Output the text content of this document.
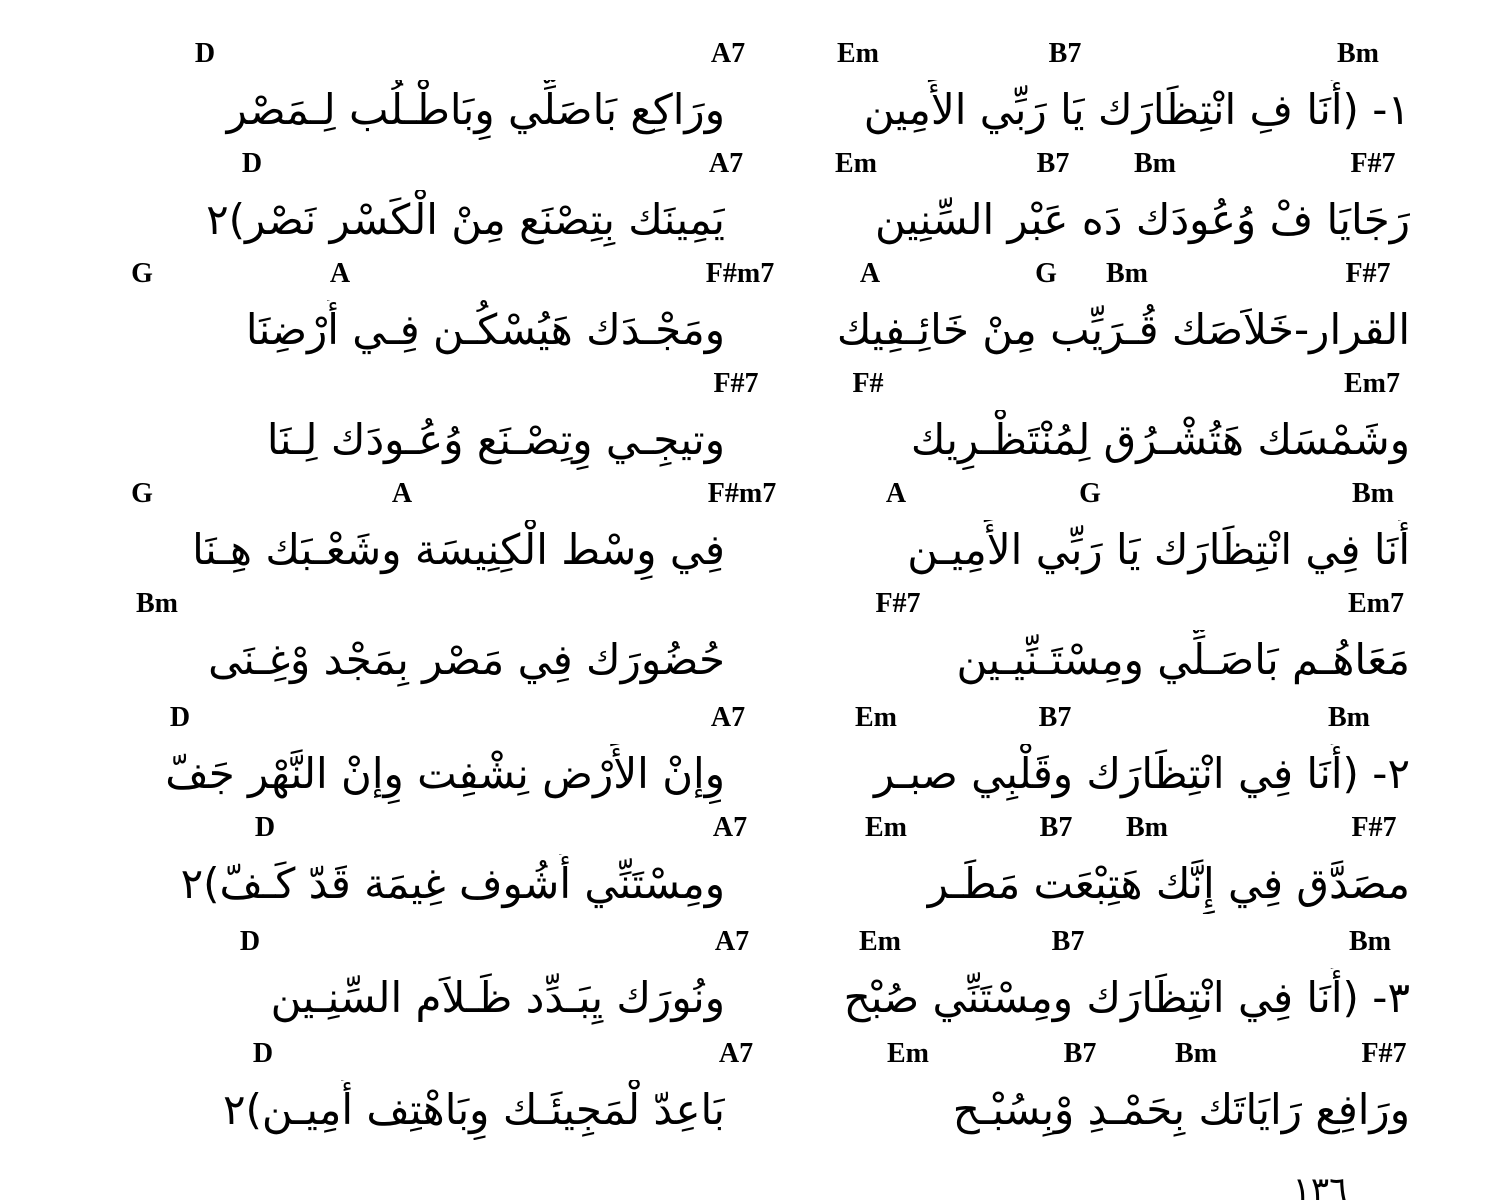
D	A7	Em	B7	Bm
١- (أَنَا فِ انْتِظَارَك يَا رَبِّي الأَمِين
ورَاكِع بَاصَلِّي وِبَاطْـلُب لِـمَصْر
D	A7	Em	B7 Bm	F#7
رَجَايَا فْ وُعُودَك دَه عَبْر السِّنِين
يَمِينَك بِتِصْنَع مِنْ الْكَسْر نَصْر)٢
G	A	F#m7	A	G Bm	F#7
القرار-خَلاَصَك قُـرَيِّب مِنْ خَائِـفِيك
ومَجْـدَك هَيُسْكُـن فِـي أَرْضِنَا
F#7	F#	Em7
وشَمْسَك هَتُشْـرُق لِمُنْتَظْـرِيك
وتيجِـي وِتِصْـنَع وُعُـودَك لِـنَا
G	A	F#m7	A	G	Bm
أَنَا فِي انْتِظَارَك يَا رَبِّي الأَمِيـن
فِي وِسْط الْكِنِيسَة وشَعْـبَك هِـنَا
Bm	F#7	Em7
مَعَاهُـم بَاصَـلِّي ومِسْتَـنِّيـين
حُضُورَك فِي مَصْر بِمَجْد وْغِـنَى
D	A7	Em	B7	Bm
٢- (أَنَا فِي انْتِظَارَك وقَلْبِي صبـر
وِإنْ الأَرْض نِشْفِت وِإنْ النَّهْر جَفّ
D	A7	Em	B7 Bm	F#7
مصَدَّق فِي إِنَّك هَتِبْعَت مَطَـر
ومِسْتَنِّي أَشُوف غِيمَة قَدّ كَـفّ)٢
D	A7	Em	B7	Bm
٣- (أَنَا فِي انْتِظَارَك ومِسْتَنِّي صُبْح
ونُورَك يِبَـدِّد ظَـلاَم السِّنِـين
D	A7	Em	B7	Bm	F#7
ورَافِع رَايَاتَك بِحَمْـدِ وْبِسُبْـح
بَاعِدّ لْمَجِيئَـك وِبَاهْتِف أَمِيـن)٢
١٣٦
